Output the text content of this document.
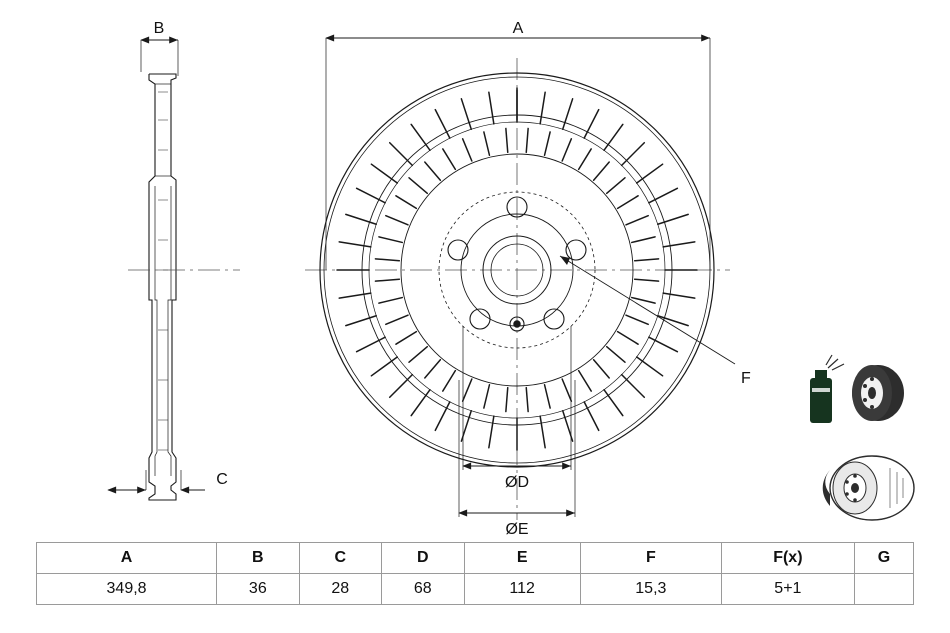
B
C
A
F
ØD
ØE
A	B	C	D	E	F	F(x)	G
349,8	36	28	68	112	15,3	5+1	
